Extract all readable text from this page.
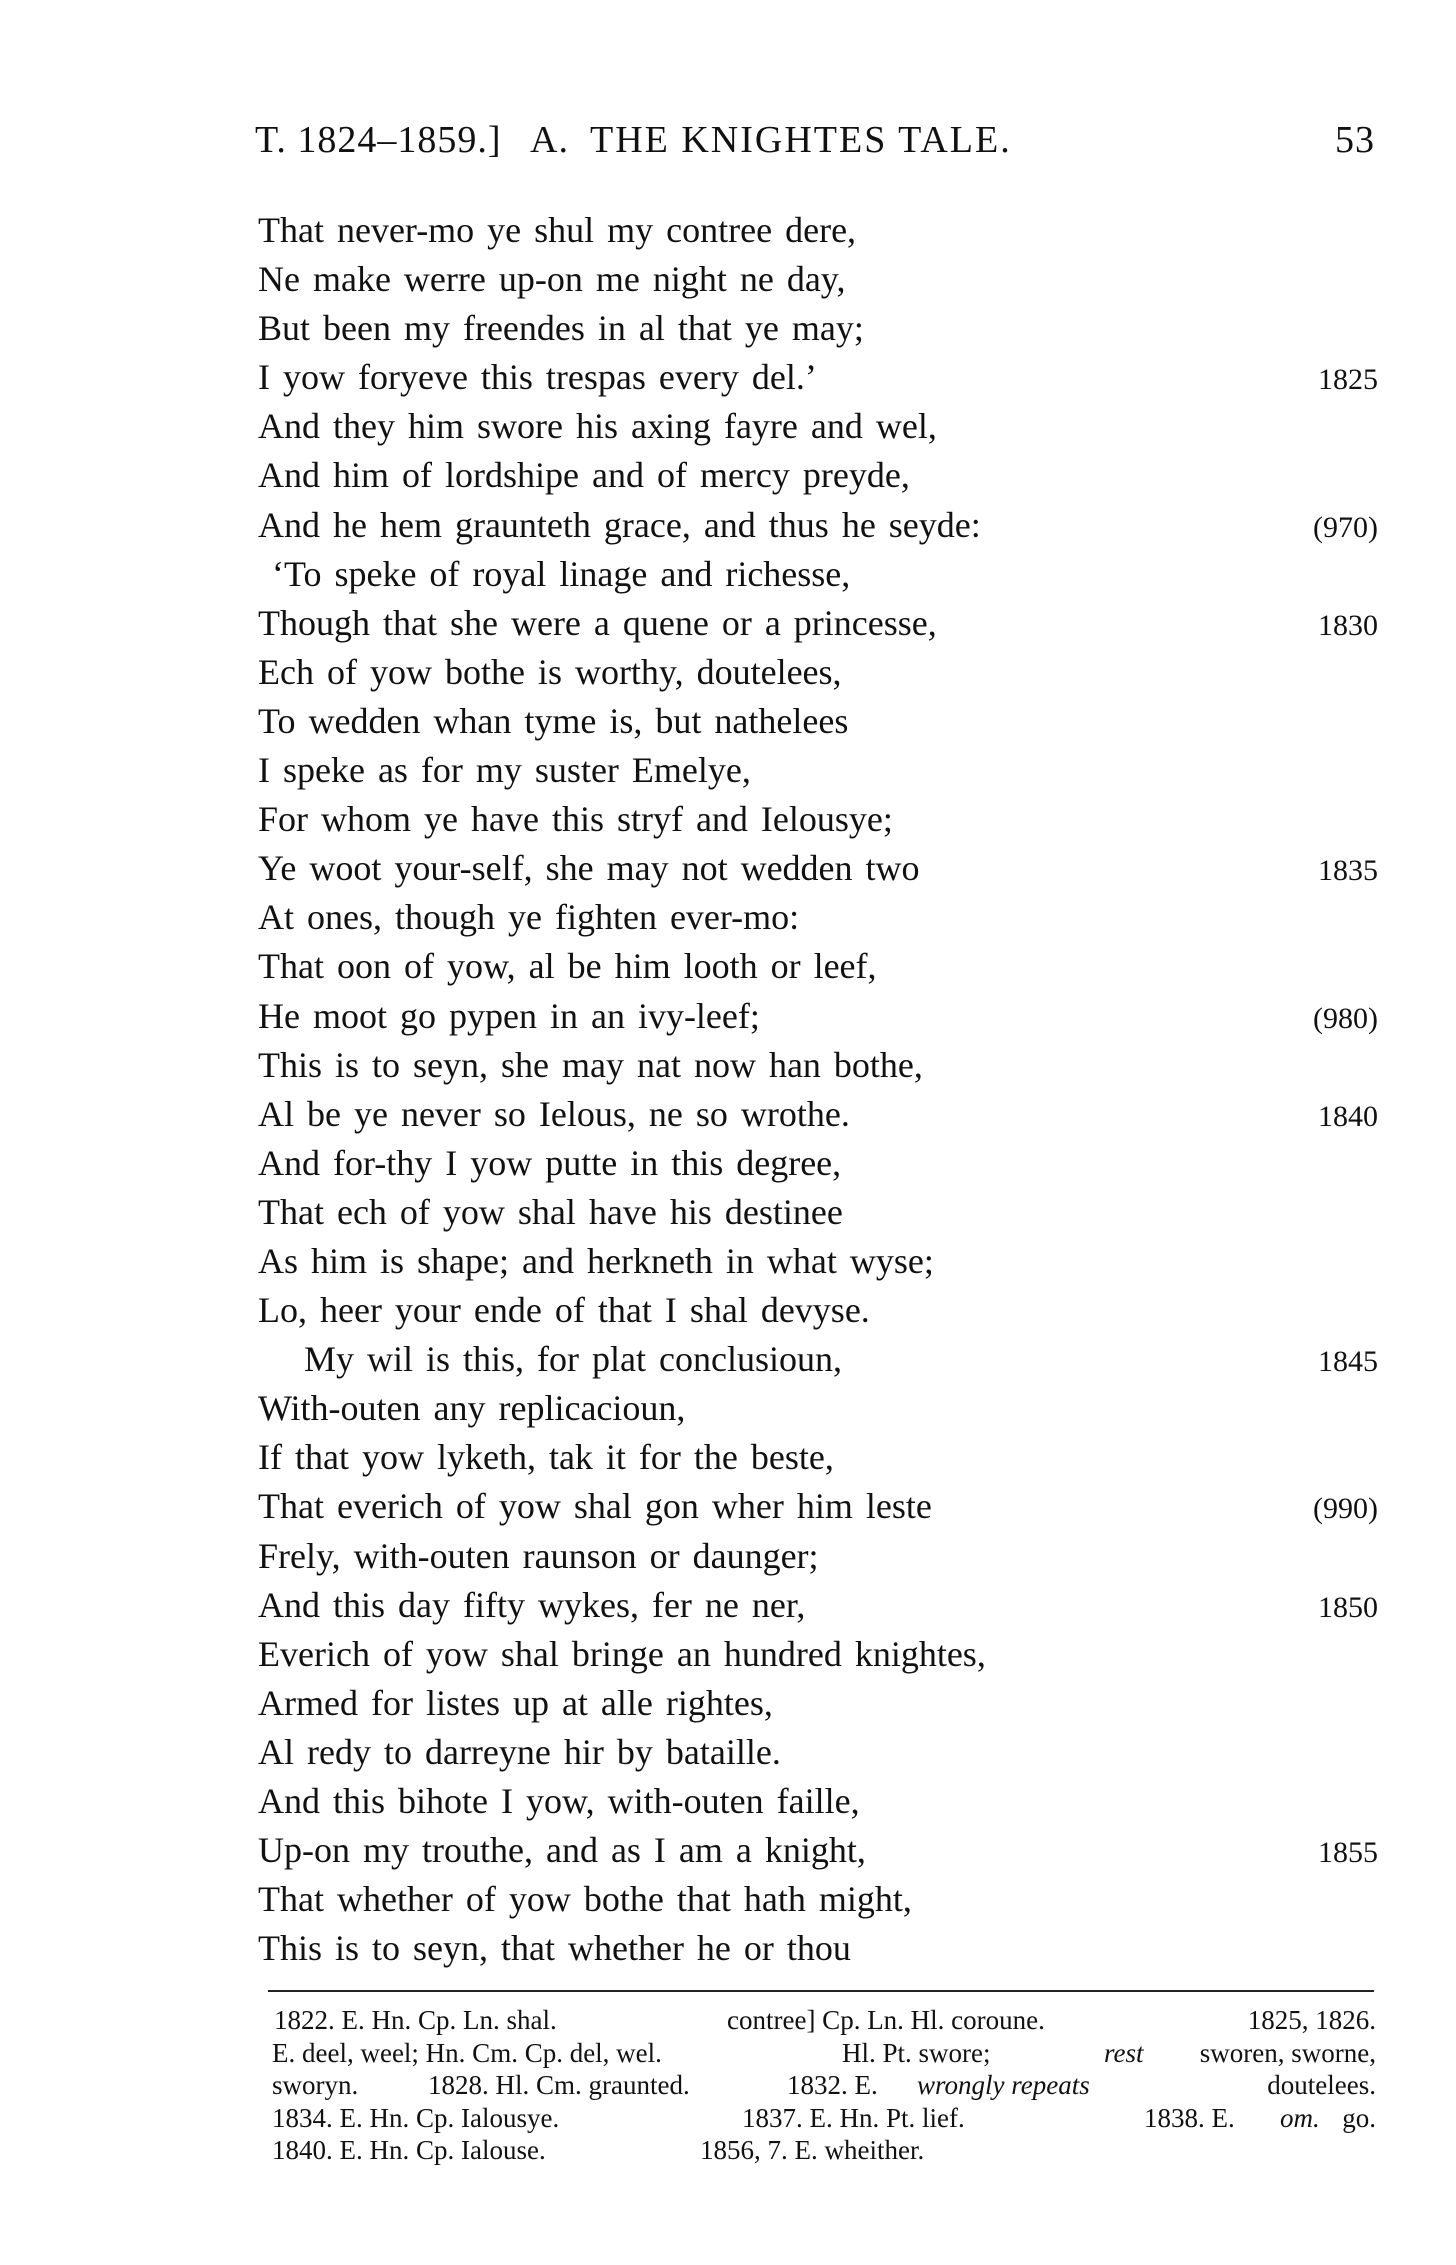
T. 1824–1859.] A. THE KNIGHTES TALE.	53
That never-mo ye shul my contree dere,
Ne make werre up-on me night ne day,
But been my freendes in al that ye may;
I yow foryeve this trespas every del.’	1825
And they him swore his axing fayre and wel,
And him of lordshipe and of mercy preyde,
And he hem graunteth grace, and thus he seyde:	(970)
‘To speke of royal linage and richesse,
Though that she were a quene or a princesse,	1830
Ech of yow bothe is worthy, doutelees,
To wedden whan tyme is, but nathelees
I speke as for my suster Emelye,
For whom ye have this stryf and Ielousye;
Ye woot your-self, she may not wedden two	1835
At ones, though ye fighten ever-mo:
That oon of yow, al be him looth or leef,
He moot go pypen in an ivy-leef;	(980)
This is to seyn, she may nat now han bothe,
Al be ye never so Ielous, ne so wrothe.	1840
And for-thy I yow putte in this degree,
That ech of yow shal have his destinee
As him is shape; and herkneth in what wyse;
Lo, heer your ende of that I shal devyse.
My wil is this, for plat conclusioun,	1845
With-outen any replicacioun,
If that yow lyketh, tak it for the beste,
That everich of yow shal gon wher him leste	(990)
Frely, with-outen raunson or daunger;
And this day fifty wykes, fer ne ner,	1850
Everich of yow shal bringe an hundred knightes,
Armed for listes up at alle rightes,
Al redy to darreyne hir by bataille.
And this bihote I yow, with-outen faille,
Up-on my trouthe, and as I am a knight,	1855
That whether of yow bothe that hath might,
This is to seyn, that whether he or thou
1822. E. Hn. Cp. Ln. shal.	contree] Cp. Ln. Hl. coroune.	1825, 1826.
E. deel, weel; Hn. Cm. Cp. del, wel.	Hl. Pt. swore;	rest sworen, sworne,
sworyn.	1828. Hl. Cm. graunted.	1832. E. wrongly repeats	doutelees.
1834. E. Hn. Cp. Ialousye.	1837. E. Hn. Pt. lief.	1838. E. om. go.
1840. E. Hn. Cp. Ialouse.	1856, 7. E. wheither.
